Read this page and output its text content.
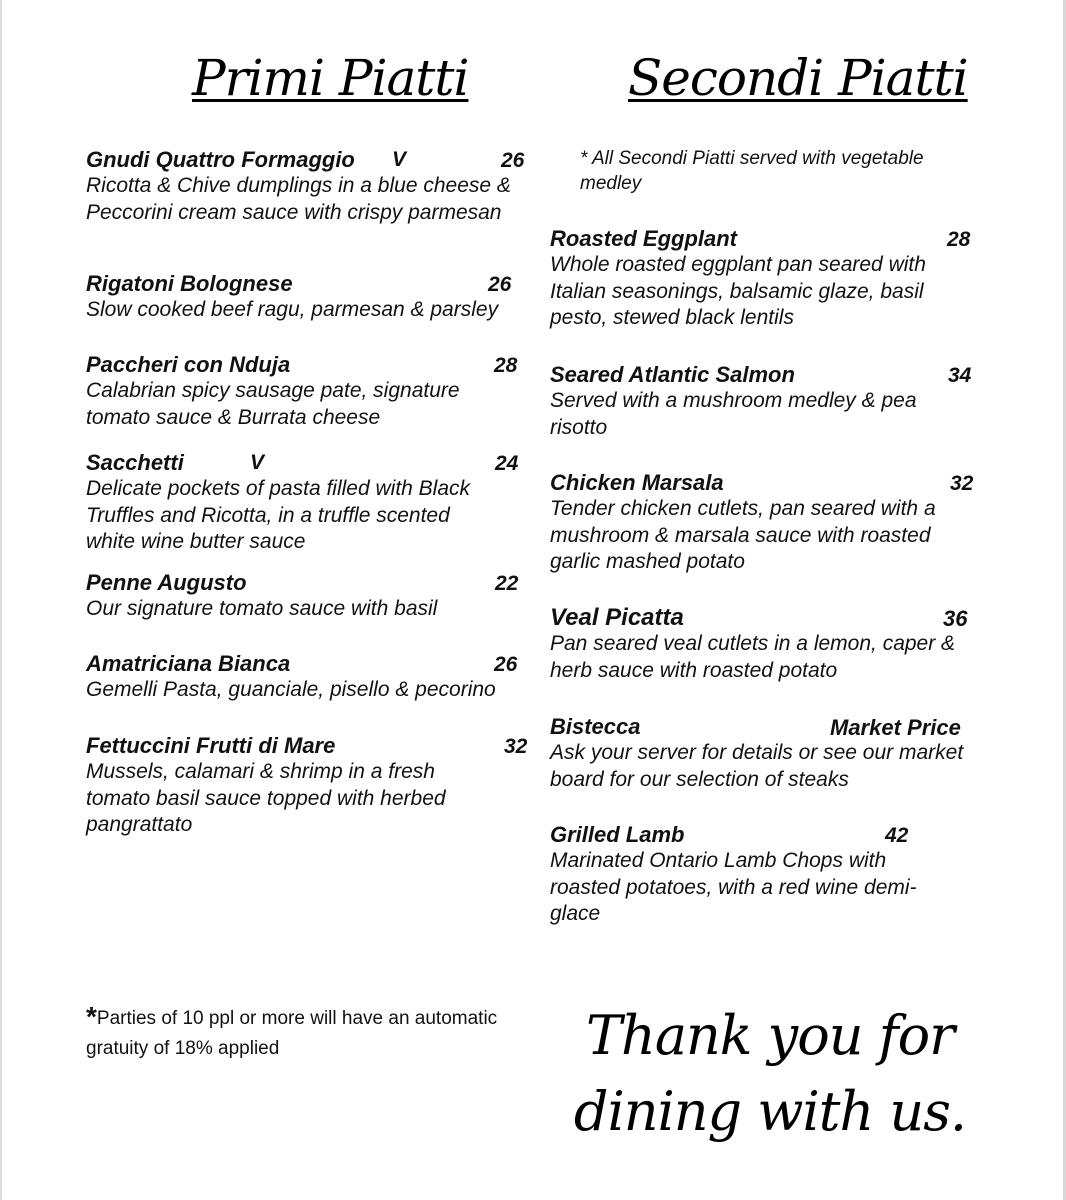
Primi Piatti	Secondi Piatti
Gnudi Quattro Formaggio V	26
Ricotta & Chive dumplings in a blue cheese & Peccorini cream sauce with crispy parmesan
Rigatoni Bolognese	26
Slow cooked beef ragu, parmesan & parsley
Paccheri con Nduja	28
Calabrian spicy sausage pate, signature tomato sauce & Burrata cheese
Sacchetti	V	24
Delicate pockets of pasta filled with Black Truffles and Ricotta, in a truffle scented white wine butter sauce
Penne Augusto	22
Our signature tomato sauce with basil
Amatriciana Bianca	26
Gemelli Pasta, guanciale, pisello & pecorino
Fettuccini Frutti di Mare	32
Mussels, calamari & shrimp in a fresh tomato basil sauce topped with herbed pangrattato
* All Secondi Piatti served with vegetable medley
Roasted Eggplant	28
Whole roasted eggplant pan seared with Italian seasonings, balsamic glaze, basil pesto, stewed black lentils
Seared Atlantic Salmon	34
Served with a mushroom medley & pea risotto
Chicken Marsala	32
Tender chicken cutlets, pan seared with a mushroom & marsala sauce with roasted garlic mashed potato
Veal Picatta	36
Pan seared veal cutlets in a lemon, caper & herb sauce with roasted potato
Bistecca	Market Price
Ask your server for details or see our market board for our selection of steaks
Grilled Lamb	42
Marinated Ontario Lamb Chops with roasted potatoes, with a red wine demi-glace
*Parties of 10 ppl or more will have an automatic gratuity of 18% applied	Thank you for dining with us.
